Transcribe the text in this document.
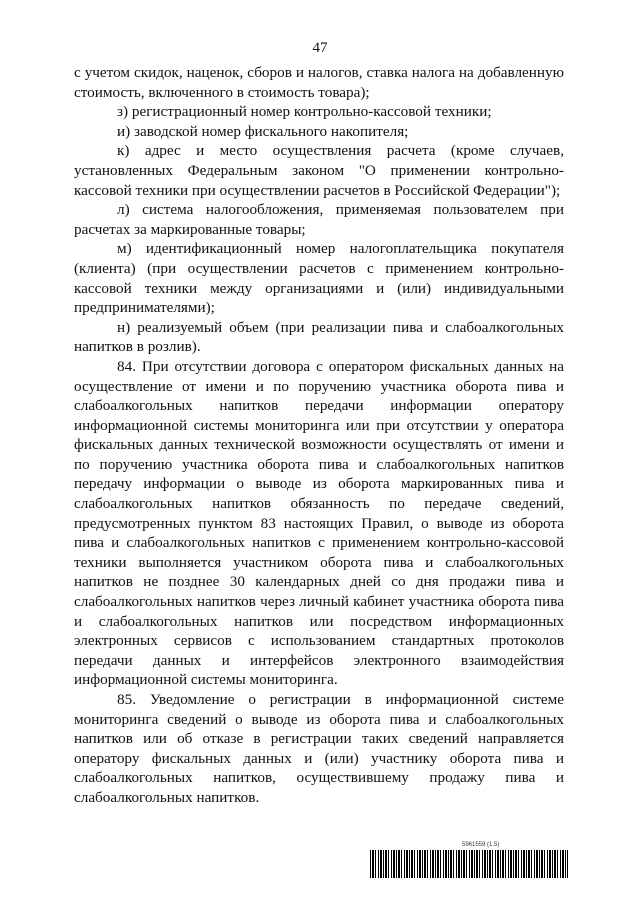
47

с учетом скидок, наценок, сборов и налогов, ставка налога на добавленную стоимость, включенного в стоимость товара);

з) регистрационный номер контрольно-кассовой техники;

и) заводской номер фискального накопителя;

к) адрес и место осуществления расчета (кроме случаев, установленных Федеральным законом "О применении контрольно-кассовой техники при осуществлении расчетов в Российской Федерации");

л) система налогообложения, применяемая пользователем при расчетах за маркированные товары;

м) идентификационный номер налогоплательщика покупателя (клиента) (при осуществлении расчетов с применением контрольно-кассовой техники между организациями и (или) индивидуальными предпринимателями);

н) реализуемый объем (при реализации пива и слабоалкогольных напитков в розлив).

84. При отсутствии договора с оператором фискальных данных на осуществление от имени и по поручению участника оборота пива и слабоалкогольных напитков передачи информации оператору информационной системы мониторинга или при отсутствии у оператора фискальных данных технической возможности осуществлять от имени и по поручению участника оборота пива и слабоалкогольных напитков передачу информации о выводе из оборота маркированных пива и слабоалкогольных напитков обязанность по передаче сведений, предусмотренных пунктом 83 настоящих Правил, о выводе из оборота пива и слабоалкогольных напитков с применением контрольно-кассовой техники выполняется участником оборота пива и слабоалкогольных напитков не позднее 30 календарных дней со дня продажи пива и слабоалкогольных напитков через личный кабинет участника оборота пива и слабоалкогольных напитков или посредством информационных электронных сервисов с использованием стандартных протоколов передачи данных и интерфейсов электронного взаимодействия информационной системы мониторинга.

85. Уведомление о регистрации в информационной системе мониторинга сведений о выводе из оборота пива и слабоалкогольных напитков или об отказе в регистрации таких сведений направляется оператору фискальных данных и (или) участнику оборота пива и слабоалкогольных напитков, осуществившему продажу пива и слабоалкогольных напитков.

5961559 (1.5)
